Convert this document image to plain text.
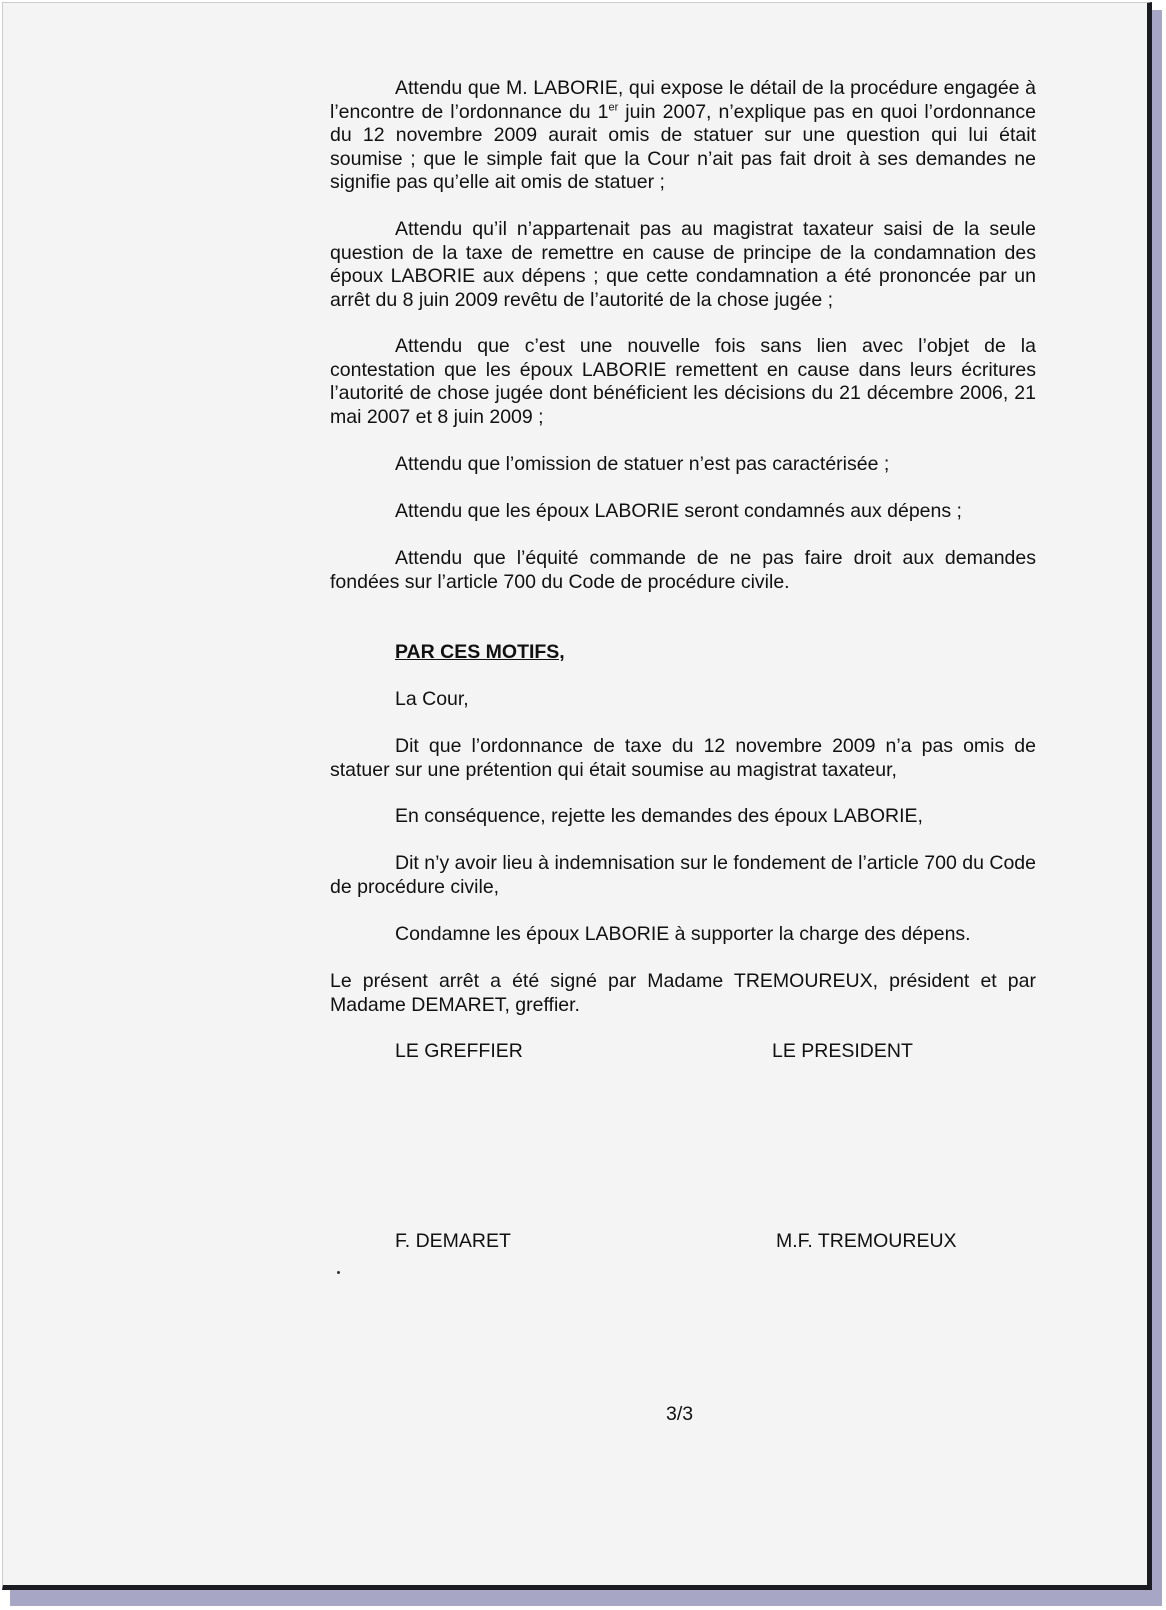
Attendu que M. LABORIE, qui expose le détail de la procédure engagée à l’encontre de l’ordonnance du 1er juin 2007, n’explique pas en quoi l’ordonnance du 12 novembre 2009 aurait omis de statuer sur une question qui lui était soumise ; que le simple fait que la Cour n’ait pas fait droit à ses demandes ne signifie pas qu’elle ait omis de statuer ;

Attendu qu’il n’appartenait pas au magistrat taxateur saisi de la seule question de la taxe de remettre en cause de principe de la condamnation des époux LABORIE aux dépens ; que cette condamnation a été prononcée par un arrêt du 8 juin 2009 revêtu de l’autorité de la chose jugée ;

Attendu que c’est une nouvelle fois sans lien avec l’objet de la contestation que les époux LABORIE remettent en cause dans leurs écritures l’autorité de chose jugée dont bénéficient les décisions du 21 décembre 2006, 21 mai 2007 et 8 juin 2009 ;

Attendu que l’omission de statuer n’est pas caractérisée ;

Attendu que les époux LABORIE seront condamnés aux dépens ;

Attendu que l’équité commande de ne pas faire droit aux demandes fondées sur l’article 700 du Code de procédure civile.

PAR CES MOTIFS,

La Cour,

Dit que l’ordonnance de taxe du 12 novembre 2009 n’a pas omis de statuer sur une prétention qui était soumise au magistrat taxateur,

En conséquence, rejette les demandes des époux LABORIE,

Dit n’y avoir lieu à indemnisation sur le fondement de l’article 700 du Code de procédure civile,

Condamne les époux LABORIE à supporter la charge des dépens.

Le présent arrêt a été signé par Madame TREMOUREUX, président et par Madame DEMARET, greffier.

LE GREFFIER	LE PRESIDENT
F. DEMARET	M.F. TREMOUREUX
3/3
